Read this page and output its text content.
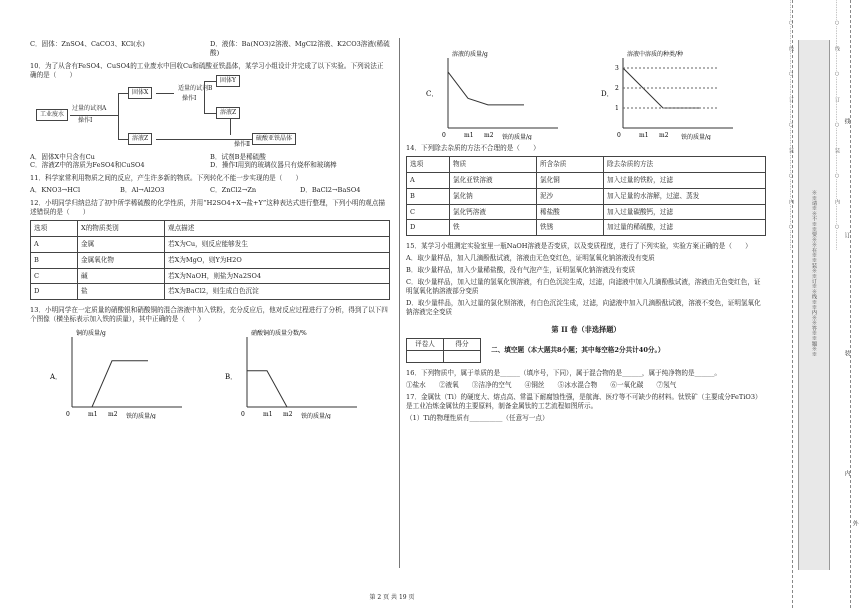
C．固体：ZnSO4、CaCO3、KCl(水)	D．液体：Ba(NO3)2溶液、MgCl2溶液、K2CO3溶液(稀硫酸)
10．为了从含有FeSO4、CuSO4的工业废水中回收Cu和硫酸亚铁晶体，某学习小组设计并完成了以下实验。下列说法正确的是（　　）
工业废水
过量的试剂A
操作Ⅰ
固体X
溶液Z
适量的试剂B
操作Ⅰ
固体Y
溶液Z
操作Ⅱ
硫酸亚铁晶体
A．固体X中只含有Cu	B．试剂B是稀硫酸
C．溶液Z中的溶质为FeSO4和CuSO4	D．操作Ⅰ用到的玻璃仪器只有烧杯和玻璃棒
11．科学家常利用物质之间的反应，产生许多新的物质。下列转化不能一步实现的是（　　）
A．KNO3→HCl	B．Al→Al2O3	C．ZnCl2→Zn	D．BaCl2→BaSO4
12．小明同学归纳总结了初中所学稀硫酸的化学性质，并用“H2SO4+X→盐+Y”这种表达式进行整理，下列小明的观点描述错误的是（　　）
选项	X的物质类别	观点描述
A	金属	若X为Cu，则反应能够发生
B	金属氧化物	若X为MgO，则Y为H2O
C	碱	若X为NaOH，则盐为Na2SO4
D	盐	若X为BaCl2，则生成白色沉淀
13．小明同学在一定质量的硝酸银和硝酸铜的混合溶液中加入铁粉，充分反应后，他对反应过程进行了分析，得到了以下四个图像（横坐标表示加入铁的质量），其中正确的是（　　）
A．
铜的质量/g
0	m1 m2 铁的质量/g
B．
硝酸铜的质量分数/%
0	m1 m2 铁的质量/g
C．
溶液的质量/g
0	m1 m2 铁的质量/g
D．
溶液中溶质的种类/种
1
2
3
0	m1 m2 铁的质量/g
14．下列除去杂质的方法不合理的是（　　）
选项	物质	所含杂质	除去杂质的方法
A	氯化亚铁溶液	氯化铜	加入过量的铁粉，过滤
B	氯化钠	泥沙	加入足量的水溶解，过滤、蒸发
C	氯化钙溶液	稀盐酸	加入过量碳酸钙，过滤
D	铁	铁锈	加过量的稀硫酸，过滤
15．某学习小组测定实验室里一瓶NaOH溶液是否变质，以及变质程度，进行了下列实验，实验方案正确的是（　　）
A．取少量样品，加入几滴酚酞试液，溶液由无色变红色，证明氢氧化钠溶液没有变质
B．取少量样品，加入少量稀盐酸，没有气泡产生，证明氢氧化钠溶液没有变质
C．取少量样品，加入过量的氢氧化钡溶液，有白色沉淀生成，过滤，向滤液中加入几滴酚酞试液，溶液由无色变红色，证明氢氧化钠溶液部分变质
D．取少量样品，加入过量的氯化钡溶液，有白色沉淀生成，过滤，向滤液中加入几滴酚酞试液，溶液不变色，证明氢氧化钠溶液完全变质
第 II 卷（非选择题）
评卷人	得分
	二、填空题（本大题共8小题；其中每空格2分共计40分。）
16．下列物质中，属于单质的是______（填序号，下同），属于混合物的是______，属于纯净物的是______。
①盐水　　②液氧　　③洁净的空气　　④铜丝　　⑤冰水混合物　　⑥一氧化碳　　⑦氖气
17．金属钛（Ti）的硬度大、熔点高、常温下耐腐蚀性强，是航海、医疗等不可缺少的材料。钛铁矿（主要成分FeTiO3）是工业冶炼金属钛的主要原料，制备金属钛的工艺流程如图所示。
（1）Ti的物理性质有__________（任意写一点）
第 2 页 共 19 页
…………○…………线…………○…………订…………○…………装…………○…………内…………○…………
※※请※※不※※要※※在※※装※※订※※线※※内※※答※※题※※
…………○…………线…………○…………订…………○…………装…………○…………内…………○………… 线
订
装
内
外
